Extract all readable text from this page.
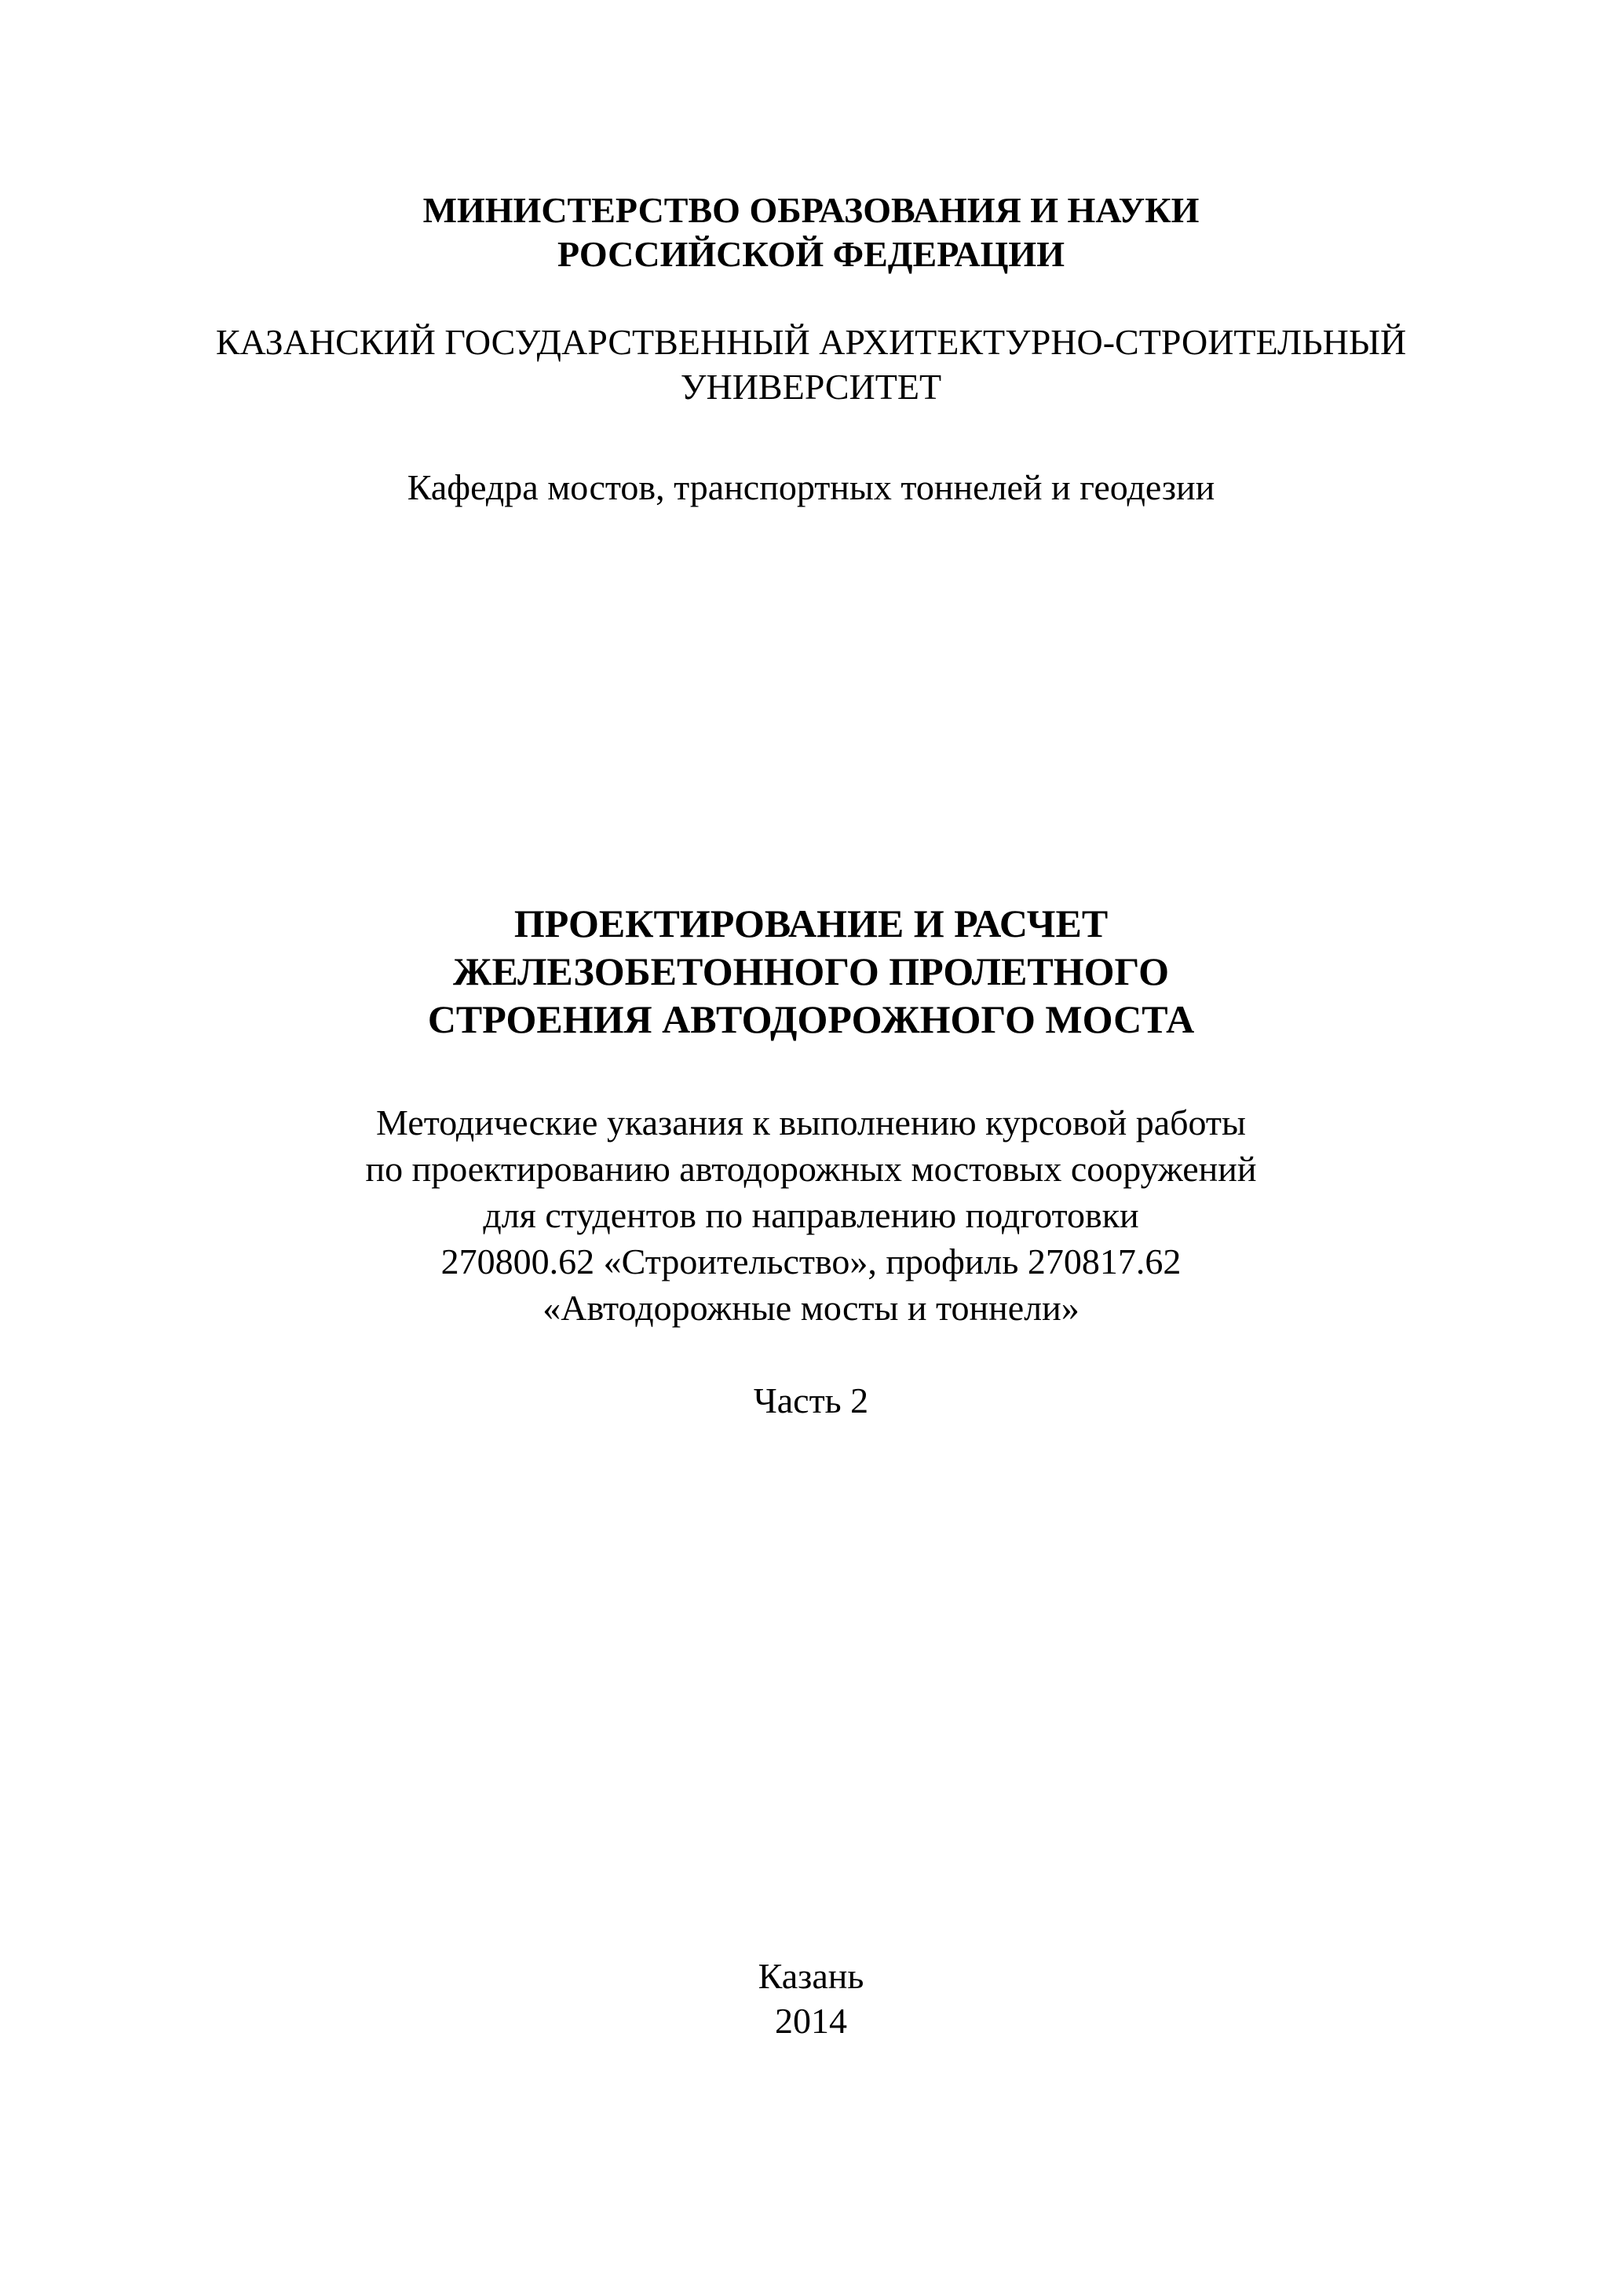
МИНИСТЕРСТВО ОБРАЗОВАНИЯ И НАУКИ
РОССИЙСКОЙ ФЕДЕРАЦИИ
КАЗАНСКИЙ ГОСУДАРСТВЕННЫЙ АРХИТЕКТУРНО-СТРОИТЕЛЬНЫЙ
УНИВЕРСИТЕТ
Кафедра мостов, транспортных тоннелей и геодезии
ПРОЕКТИРОВАНИЕ И РАСЧЕТ
ЖЕЛЕЗОБЕТОННОГО ПРОЛЕТНОГО
СТРОЕНИЯ АВТОДОРОЖНОГО МОСТА
Методические указания к выполнению курсовой работы
по проектированию автодорожных мостовых сооружений
для студентов по направлению подготовки
270800.62 «Строительство», профиль 270817.62
«Автодорожные мосты и тоннели»
Часть 2
Казань
2014
